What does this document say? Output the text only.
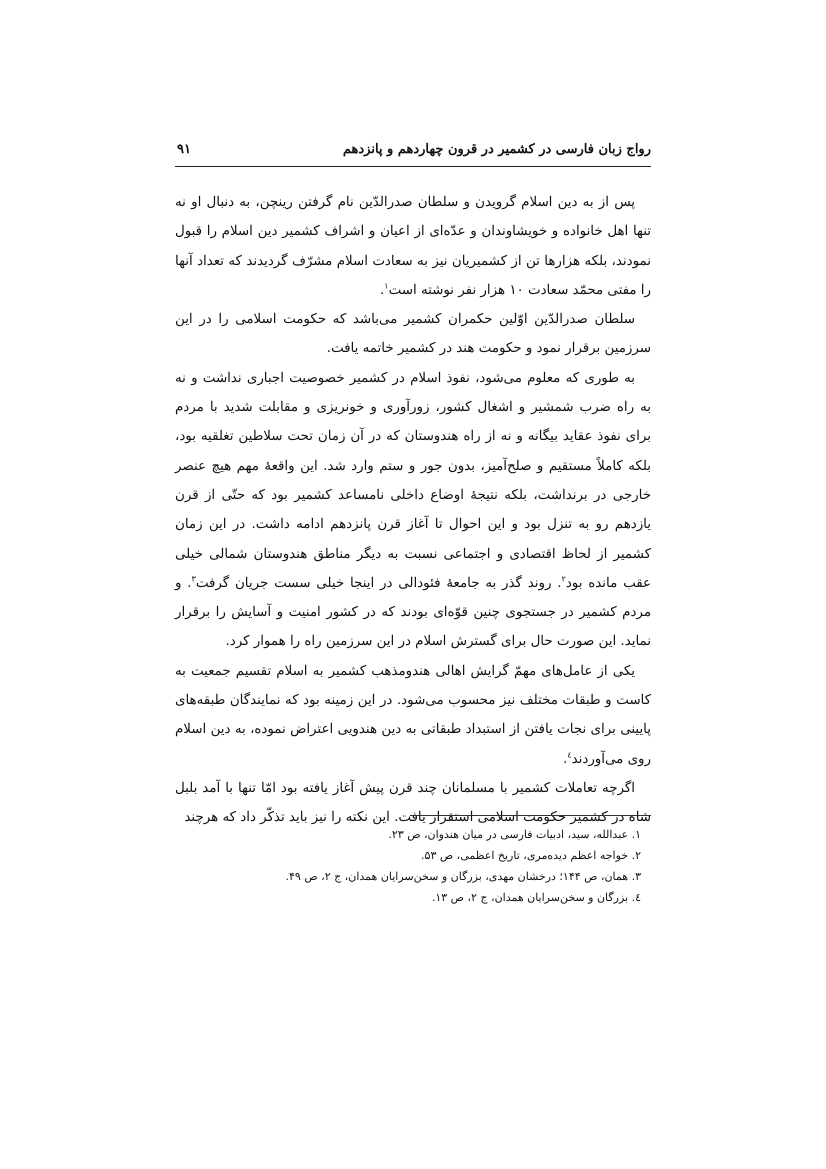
رواج زبان فارسی در کشمیر در قرون چهاردهم و پانزدهم
۹۱

پس از به دین اسلام گرویدن و سلطان صدرالدّین نام گرفتن رینچن، به دنبال او نه تنها اهل خانواده و خویشاوندان و عدّه‌ای از اعیان و اشراف کشمیر دین اسلام را قبول نمودند، بلکه هزارها تن از کشمیریان نیز به سعادت اسلام مشرّف گردیدند که تعداد آنها را مفتی محمّد سعادت ۱۰ هزار نفر نوشته است$^۱$.

سلطان صدرالدّین اوّلین حکمران کشمیر می‌باشد که حکومت اسلامی را در این سرزمین برقرار نمود و حکومت هند در کشمیر خاتمه یافت.

به طوری که معلوم می‌شود، نفوذ اسلام در کشمیر خصوصیت اجباری نداشت و نه به راه ضرب شمشیر و اشغال کشور، زورآوری و خونریزی و مقابلت شدید با مردم برای نفوذ عقاید بیگانه و نه از راه هندوستان که در آن زمان تحت سلاطین تغلقیه بود، بلکه کاملاً مستقیم و صلح‌آمیز، بدون جور و ستم وارد شد. این واقعهٔ مهم هیچ عنصر خارجی در برنداشت، بلکه نتیجهٔ اوضاع داخلی نامساعد کشمیر بود که حتّی از قرن یازدهم رو به تنزل بود و این احوال تا آغاز قرن پانزدهم ادامه داشت. در این زمان کشمیر از لحاظ اقتصادی و اجتماعی نسبت به دیگر مناطق هندوستان شمالی خیلی عقب مانده بود$^۲$. روند گذر به جامعهٔ فئودالی در اینجا خیلی سست جریان گرفت$^۳$. و مردم کشمیر در جستجوی چنین قوّه‌ای بودند که در کشور امنیت و آسایش را برقرار نماید. این صورت حال برای گسترش اسلام در این سرزمین راه را هموار کرد.

یکی از عامل‌های مهمّ گرایش اهالی هندومذهب کشمیر به اسلام تقسیم جمعیت به کاست و طبقات مختلف نیز محسوب می‌شود. در این زمینه بود که نمایندگان طبقه‌های پایینی برای نجات یافتن از استبداد طبقاتی به دین هندویی اعتراض نموده، به دین اسلام روی می‌آوردند$^٤$.

اگرچه تعاملات کشمیر با مسلمانان چند قرن پیش آغاز یافته بود امّا تنها با آمد بلبل شاه در کشمیر حکومت اسلامی استقرار یافت. این نکته را نیز باید تذکّر داد که هرچند

۱. عبدالله، سید، ادبیات فارسی در میان هندوان، ص ۲۳.
۲. خواجه اعظم دیده‌مری، تاریخ اعظمی، ص ۵۳.
۳. همان، ص ۱۴۴؛ درخشان مهدی، بزرگان و سخن‌سرایان همدان، ج ۲، ص ۴۹.
٤. بزرگان و سخن‌سرایان همدان، ج ۲، ص ۱۳.
